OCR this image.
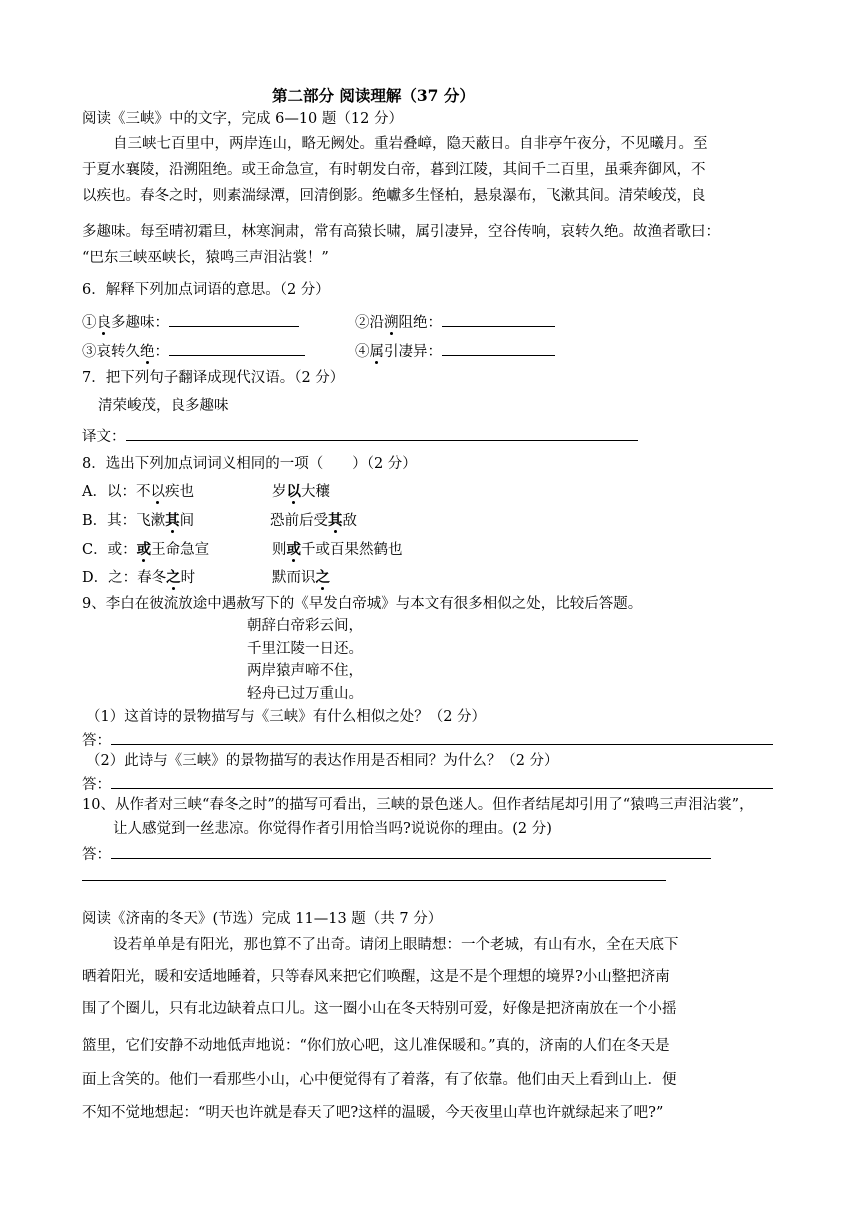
第二部分 阅读理解（37 分）
阅读《三峡》中的文字，完成 6—10 题（12 分）
自三峡七百里中，两岸连山，略无阙处。重岩叠嶂，隐天蔽日。自非亭午夜分，不见曦月。至
于夏水襄陵，沿溯阻绝。或王命急宣，有时朝发白帝，暮到江陵，其间千二百里，虽乘奔御风，不
以疾也。春冬之时，则素湍绿潭，回清倒影。绝巘多生怪柏，悬泉瀑布，飞漱其间。清荣峻茂，良
多趣味。每至晴初霜旦，林寒涧肃，常有高猿长啸，属引凄异，空谷传响，哀转久绝。故渔者歌曰：
“巴东三峡巫峡长，猿鸣三声泪沾裳！”
6．解释下列加点词语的意思。（2 分）
①良多趣味：	②沿溯阻绝：
③哀转久绝：	④属引凄异：
7．把下列句子翻译成现代汉语。（2 分）
清荣峻茂，良多趣味
译文：
8．选出下列加点词词义相同的一项（　　）（2 分）
A．以：不以疾也	岁以大穰
B．其：飞漱其间	恐前后受其敌
C．或：或王命急宣	则或千或百果然鹤也
D．之：春冬之时	默而识之
9、李白在彼流放途中遇赦写下的《早发白帝城》与本文有很多相似之处，比较后答题。
朝辞白帝彩云间，
千里江陵一日还。
两岸猿声啼不住，
轻舟已过万重山。
（1）这首诗的景物描写与《三峡》有什么相似之处？（2 分）
答：
（2）此诗与《三峡》的景物描写的表达作用是否相同？为什么？（2 分）
答：
10、从作者对三峡“春冬之时”的描写可看出，三峡的景色迷人。但作者结尾却引用了“猿鸣三声泪沾裳”，
让人感觉到一丝悲凉。你觉得作者引用恰当吗?说说你的理由。(2 分)
答：
阅读《济南的冬天》(节选）完成 11—13 题（共 7 分）
设若单单是有阳光，那也算不了出奇。请闭上眼睛想：一个老城，有山有水，全在天底下
晒着阳光，暖和安适地睡着，只等春风来把它们唤醒，这是不是个理想的境界?小山整把济南
围了个圈儿，只有北边缺着点口儿。这一圈小山在冬天特别可爱，好像是把济南放在一个小摇
篮里，它们安静不动地低声地说：“你们放心吧，这儿准保暖和。”真的，济南的人们在冬天是
面上含笑的。他们一看那些小山，心中便觉得有了着落，有了依靠。他们由天上看到山上．便
不知不觉地想起：“明天也许就是春天了吧?这样的温暖，今天夜里山草也许就绿起来了吧?”
